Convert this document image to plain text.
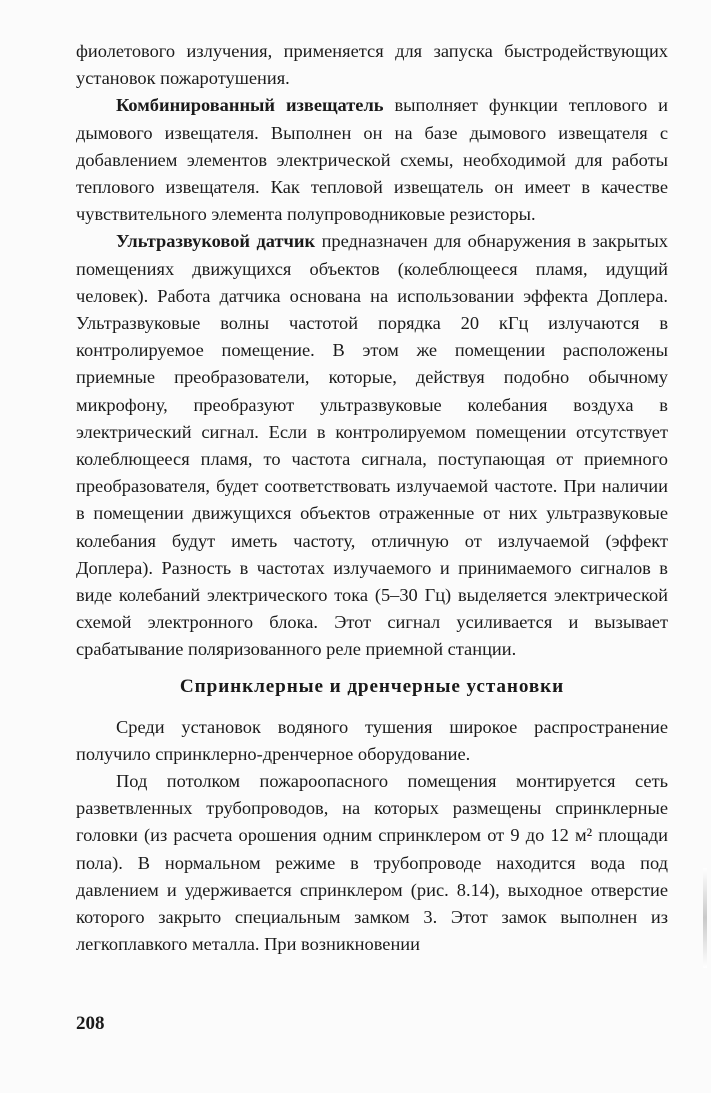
фиолетового излучения, применяется для запуска быстродействующих установок пожаротушения.

Комбинированный извещатель выполняет функции теплового и дымового извещателя. Выполнен он на базе дымового извещателя с добавлением элементов электрической схемы, необходимой для работы теплового извещателя. Как тепловой извещатель он имеет в качестве чувствительного элемента полупроводниковые резисторы.

Ультразвуковой датчик предназначен для обнаружения в закрытых помещениях движущихся объектов (колеблющееся пламя, идущий человек). Работа датчика основана на использовании эффекта Доплера. Ультразвуковые волны частотой порядка 20 кГц излучаются в контролируемое помещение. В этом же помещении расположены приемные преобразователи, которые, действуя подобно обычному микрофону, преобразуют ультразвуковые колебания воздуха в электрический сигнал. Если в контролируемом помещении отсутствует колеблющееся пламя, то частота сигнала, поступающая от приемного преобразователя, будет соответствовать излучаемой частоте. При наличии в помещении движущихся объектов отраженные от них ультразвуковые колебания будут иметь частоту, отличную от излучаемой (эффект Доплера). Разность в частотах излучаемого и принимаемого сигналов в виде колебаний электрического тока (5–30 Гц) выделяется электрической схемой электронного блока. Этот сигнал усиливается и вызывает срабатывание поляризованного реле приемной станции.

Спринклерные и дренчерные установки

Среди установок водяного тушения широкое распространение получило спринклерно-дренчерное оборудование.

Под потолком пожароопасного помещения монтируется сеть разветвленных трубопроводов, на которых размещены спринклерные головки (из расчета орошения одним спринклером от 9 до 12 м² площади пола). В нормальном режиме в трубопроводе находится вода под давлением и удерживается спринклером (рис. 8.14), выходное отверстие которого закрыто специальным замком 3. Этот замок выполнен из легкоплавкого металла. При возникновении

208
